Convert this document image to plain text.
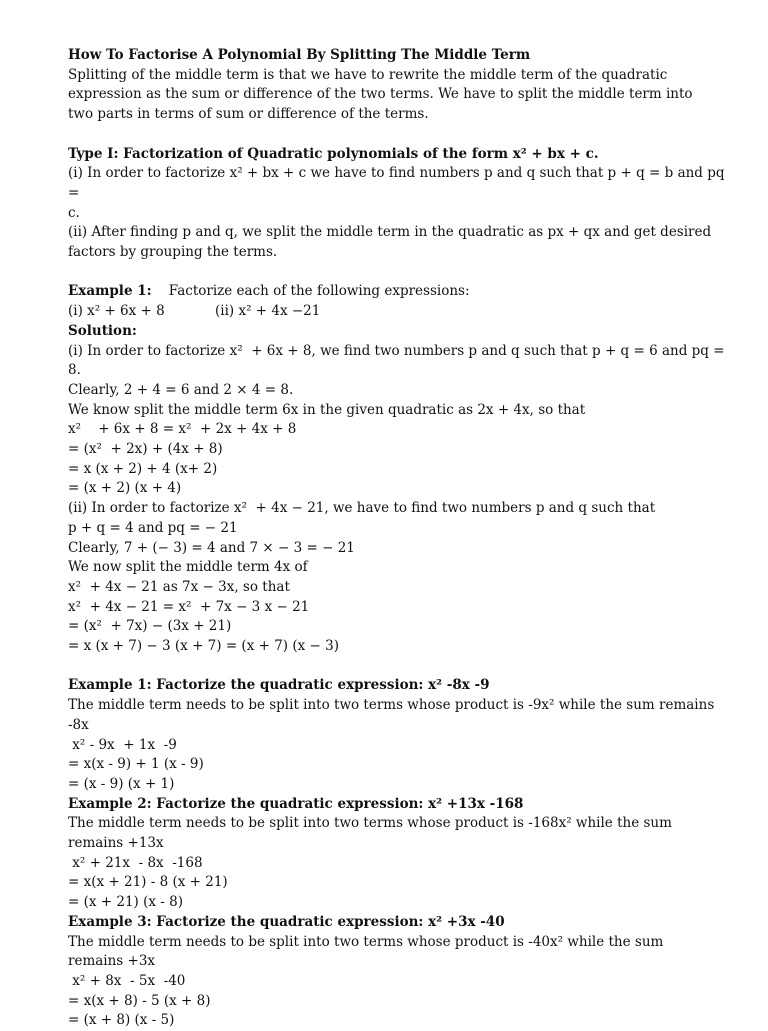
How To Factorise A Polynomial By Splitting The Middle Term
Splitting of the middle term is that we have to rewrite the middle term of the quadratic
expression as the sum or difference of the two terms. We have to split the middle term into
two parts in terms of sum or difference of the terms.
Type I: Factorization of Quadratic polynomials of the form x² + bx + c.
(i) In order to factorize x² + bx + c we have to find numbers p and q such that p + q = b and pq =
c.
(ii) After finding p and q, we split the middle term in the quadratic as px + qx and get desired
factors by grouping the terms.
Example 1: Factorize each of the following expressions:
(i) x² + 6x + 8	(ii) x² + 4x −21
Solution:
(i) In order to factorize x²  + 6x + 8, we find two numbers p and q such that p + q = 6 and pq = 8.
Clearly, 2 + 4 = 6 and 2 × 4 = 8.
We know split the middle term 6x in the given quadratic as 2x + 4x, so that
x²    + 6x + 8 = x²  + 2x + 4x + 8
= (x²  + 2x) + (4x + 8)
= x (x + 2) + 4 (x+ 2)
= (x + 2) (x + 4)
(ii) In order to factorize x²  + 4x − 21, we have to find two numbers p and q such that
p + q = 4 and pq = − 21
Clearly, 7 + (− 3) = 4 and 7 × − 3 = − 21
We now split the middle term 4x of
x²  + 4x − 21 as 7x − 3x, so that
x²  + 4x − 21 = x²  + 7x − 3 x − 21
= (x²  + 7x) − (3x + 21)
= x (x + 7) − 3 (x + 7) = (x + 7) (x − 3)
Example 1: Factorize the quadratic expression: x² -8x -9
The middle term needs to be split into two terms whose product is -9x² while the sum remains
-8x
x² - 9x  + 1x  -9
= x(x - 9) + 1 (x - 9)
= (x - 9) (x + 1)
Example 2: Factorize the quadratic expression: x² +13x -168
The middle term needs to be split into two terms whose product is -168x² while the sum
remains +13x
x² + 21x  - 8x  -168
= x(x + 21) - 8 (x + 21)
= (x + 21) (x - 8)
Example 3: Factorize the quadratic expression: x² +3x -40
The middle term needs to be split into two terms whose product is -40x² while the sum
remains +3x
x² + 8x  - 5x  -40
= x(x + 8) - 5 (x + 8)
= (x + 8) (x - 5)
